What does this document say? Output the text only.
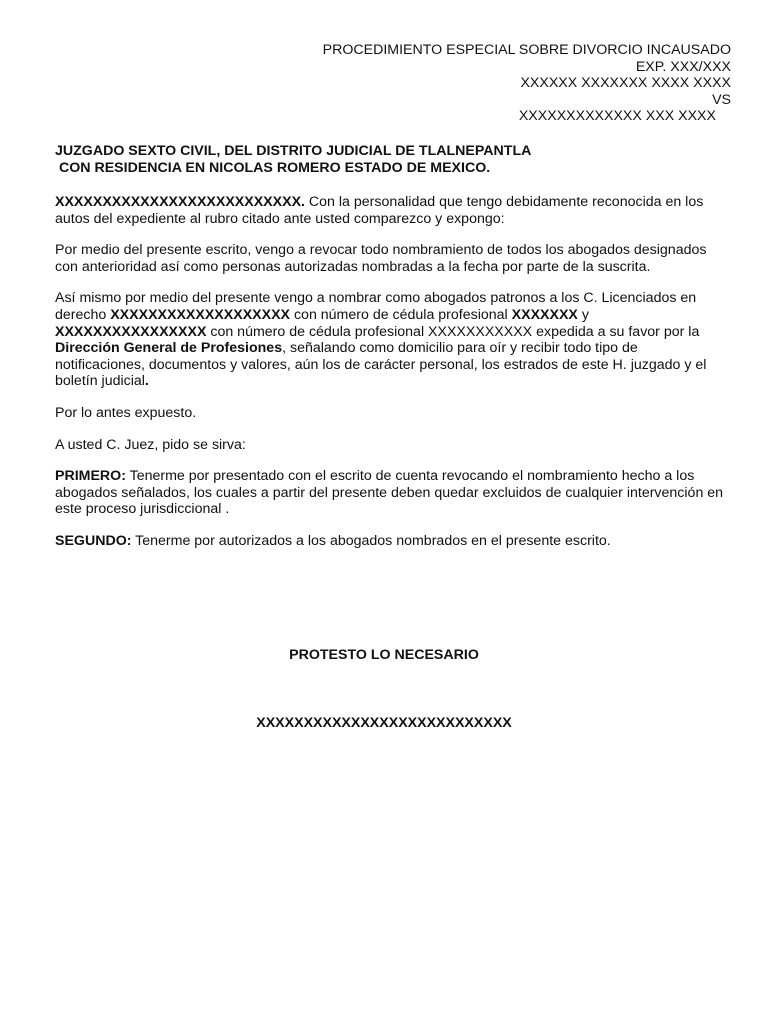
PROCEDIMIENTO ESPECIAL SOBRE DIVORCIO INCAUSADO
EXP. XXX/XXX
XXXXXX XXXXXXX XXXX XXXX
VS
XXXXXXXXXXXXX XXX XXXX
JUZGADO SEXTO CIVIL, DEL DISTRITO JUDICIAL DE TLALNEPANTLA
CON RESIDENCIA EN NICOLAS ROMERO ESTADO DE MEXICO.

XXXXXXXXXXXXXXXXXXXXXXXXXX. Con la personalidad que tengo debidamente reconocida en los autos del expediente al rubro citado ante usted comparezco y expongo:

Por medio del presente escrito, vengo a revocar todo nombramiento de todos los abogados designados con anterioridad así como personas autorizadas nombradas a la fecha por parte de la suscrita.

Así mismo por medio del presente vengo a nombrar como abogados patronos a los C. Licenciados en derecho XXXXXXXXXXXXXXXXXXX con número de cédula profesional XXXXXXX y XXXXXXXXXXXXXXXX con número de cédula profesional XXXXXXXXXXX expedida a su favor por la Dirección General de Profesiones, señalando como domicilio para oír y recibir todo tipo de notificaciones, documentos y valores, aún los de carácter personal, los estrados de este H. juzgado y el boletín judicial.

Por lo antes expuesto.

A usted C. Juez, pido se sirva:

PRIMERO: Tenerme por presentado con el escrito de cuenta revocando el nombramiento hecho a los abogados señalados, los cuales a partir del presente deben quedar excluidos de cualquier intervención en este proceso jurisdiccional .

SEGUNDO: Tenerme por autorizados a los abogados nombrados en el presente escrito.

PROTESTO LO NECESARIO
XXXXXXXXXXXXXXXXXXXXXXXXXXX
